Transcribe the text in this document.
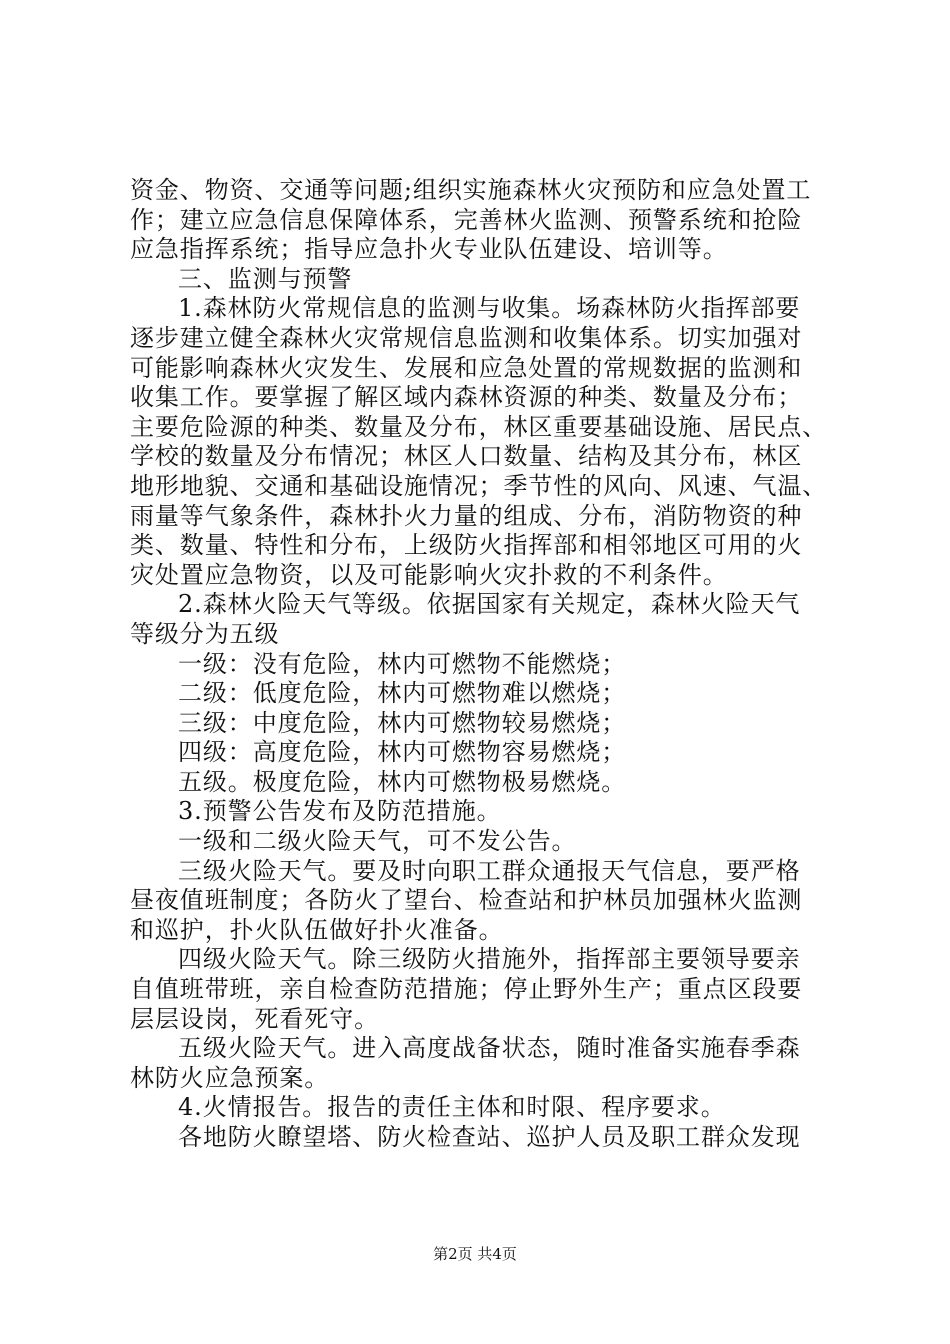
资金、物资、交通等问题;组织实施森林火灾预防和应急处置工
作；建立应急信息保障体系，完善林火监测、预警系统和抢险
应急指挥系统；指导应急扑火专业队伍建设、培训等。
三、监测与预警
1.森林防火常规信息的监测与收集。场森林防火指挥部要
逐步建立健全森林火灾常规信息监测和收集体系。切实加强对
可能影响森林火灾发生、发展和应急处置的常规数据的监测和
收集工作。要掌握了解区域内森林资源的种类、数量及分布；
主要危险源的种类、数量及分布，林区重要基础设施、居民点、
学校的数量及分布情况；林区人口数量、结构及其分布，林区
地形地貌、交通和基础设施情况；季节性的风向、风速、气温、
雨量等气象条件，森林扑火力量的组成、分布，消防物资的种
类、数量、特性和分布，上级防火指挥部和相邻地区可用的火
灾处置应急物资，以及可能影响火灾扑救的不利条件。
2.森林火险天气等级。依据国家有关规定，森林火险天气
等级分为五级
一级：没有危险，林内可燃物不能燃烧；
二级：低度危险，林内可燃物难以燃烧；
三级：中度危险，林内可燃物较易燃烧；
四级：高度危险，林内可燃物容易燃烧；
五级。极度危险，林内可燃物极易燃烧。
3.预警公告发布及防范措施。
一级和二级火险天气，可不发公告。
三级火险天气。要及时向职工群众通报天气信息，要严格
昼夜值班制度；各防火了望台、检查站和护林员加强林火监测
和巡护，扑火队伍做好扑火准备。
四级火险天气。除三级防火措施外，指挥部主要领导要亲
自值班带班，亲自检查防范措施；停止野外生产；重点区段要
层层设岗，死看死守。
五级火险天气。进入高度战备状态，随时准备实施春季森
林防火应急预案。
4.火情报告。报告的责任主体和时限、程序要求。
各地防火瞭望塔、防火检查站、巡护人员及职工群众发现
第2页 共4页
